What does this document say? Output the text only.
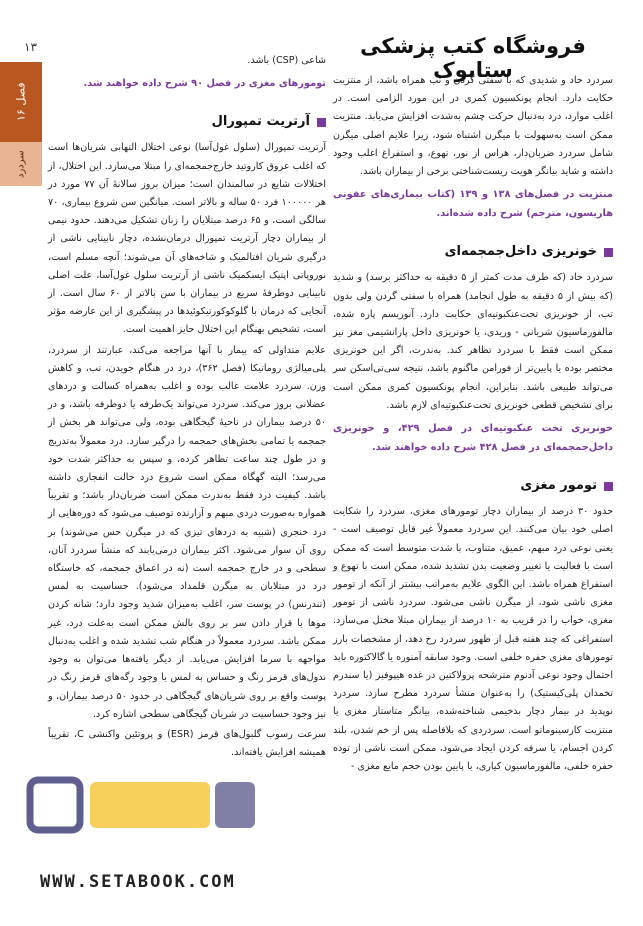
فصل ۱۶
سردرد
۱۳	فروشگاه کتب پزشکی ستابوک

سردرد حاد و شدیدی که با سفتی گردن و تب همراه باشد، از منتزیت حکایت دارد. انجام پونکسیون کمری در این مورد الزامی است. در اغلب موارد، درد به‌دنبال حرکت چشم به‌شدت افزایش می‌یابد. منتزیت ممکن است به‌سهولت با میگرن اشتباه شود، زیرا علایم اصلی میگرن شامل سردرد ضربان‌دار، هراس از نور، تهوع، و استفراغ اغلب وجود داشته و شاید بیانگر هویت ریست‌شناختی برخی از بیماران باشد.

منتزیت در فصل‌های ۱۳۸ و ۱۳۹ (کتاب بیماری‌های عفونی هاریسون، مترجم) شرح داده شده‌اند.

خونریزی داخل‌جمجمه‌ای

سردرد حاد (که طرف مدت کمتر از ۵ دقیقه به حداکثر برسد) و شدید (که بیش از ۵ دقیقه به طول انجامد) همراه با سفتی گردن ولی بدون تب، از خونریزی تحت‌عنکبوتیه‌ای حکایت دارد. آنوریسم پاره شده، مالفورماسیون شریانی - وریدی، یا خونریزی داخل پارانشیمی مغز نیز ممکن است فقط با سردرد تظاهر کند. به‌ندرت، اگر این خونریزی مختصر بوده یا پایین‌تر از فورامن ماگنوم باشد، نتیجه سی‌تی‌اسکن سر می‌تواند طبیعی باشد. بنابراین، انجام پونکسیون کمری ممکن است برای تشخیص قطعی خونریزی تحت‌عنکبوتیه‌ای لازم باشد.

خونریزی تحت عنکبوتیه‌ای در فصل ۴۲۹، و خونریزی داخل‌جمجمه‌ای در فصل ۴۲۸ شرح داده خواهند شد.

تومور مغزی

حدود ۳۰ درصد از بیماران دچار تومورهای مغزی، سردرد را شکایت اصلی خود بیان می‌کنند. این سردرد معمولاً غیر قابل توصیف است - یعنی نوعی درد مبهم، عمیق، متناوب، با شدت متوسط است که ممکن است با فعالیت یا تغییر وضعیت بدن تشدید شده، ممکن است با تهوع و استفراغ همراه باشد. این الگوی علایم به‌مراتب بیشتر از آنکه از تومور مغزی ناشی شود، از میگرن ناشی می‌شود. سردرد ناشی از تومور مغزی، خواب را در قریب به ۱۰ درصد از بیماران مبتلا مختل می‌سازد. استفراغی که چند هفته قبل از ظهور سردرد رخ دهد، از مشخصات بارز تومورهای مغزی حفره خلفی است. وجود سابقه آمنوره یا گالاکتوره باید احتمال وجود نوعی آدنوم مترشحه پرولاکتین در غده هیپوفیز (یا سندرم تخمدان پلی‌کیستیک) را به‌عنوان منشأ سردرد مطرح سازد. سردرد نوپدید در بیمار دچار بدخیمی شناخته‌شده، بیانگر متاستاز مغزی یا منتزیت کارسینوماتو است. سردردی که بلافاصله پس از خم شدن، بلند کردن اجسام، یا سرفه کردن ایجاد می‌شود، ممکن است ناشی از توده حفره خلفی، مالفورماسیون کیاری، یا پایین بودن حجم مایع مغزی -

شاعی (CSP) باشد.

تومورهای مغزی در فصل ۹۰ شرح داده خواهند شد.

آرتریت تمپورال

آرتریت تمپورال (سلول غول‌آسا) نوعی اختلال التهابی شریان‌ها است که اغلب عروق کاروتید خارج‌جمجمه‌ای را مبتلا می‌سازد. این اختلال، از اختلالات شایع در سالمندان است؛ میزان بروز سالانهٔ آن ۷۷ مورد در هر ۱۰۰۰۰۰ فرد ۵۰ ساله و بالاتر است. میانگین سن شروع بیماری، ۷۰ سالگی است، و ۶۵ درصد مبتلایان را زنان تشکیل می‌دهند. حدود نیمی از بیماران دچار آرتریت تمپورال درمان‌نشده، دچار نابینایی ناشی از درگیری شریان افتالمیک و شاخه‌های آن می‌شوند؛ آنچه مسلم است، نوروپاتی اپتیک ایسکمیک ناشی از آرتریت سلول غول‌آسا، علت اصلی نابینایی دوطرفهٔ سریع در بیماران با سن بالاتر از ۶۰ سال است. از آنجایی که درمان با گلوکوکورتیکوئیدها در پیشگیری از این عارضه مؤثر است، تشخیص بهنگام این اختلال حایز اهمیت است.

علایم متداولی که بیمار با آنها مراجعه می‌کند، عبارتند از سردرد، پلی‌میالژی روماتیکا (فصل ۳۶۲)، درد در هنگام جویدن، تب، و کاهش وزن. سردرد علامت غالب بوده و اغلب به‌همراه کسالت و دردهای عضلانی بروز می‌کند. سردرد می‌تواند یک‌طرفه یا دوطرفه باشد، و در ۵۰ درصد بیماران در ناحیهٔ گیجگاهی بوده، ولی می‌تواند هر بخش از جمجمه یا تمامی بخش‌های جمجمه را درگیر سازد. درد معمولاً به‌تدریج و در طول چند ساعت تظاهر کرده، و سپس به حداکثر شدت خود می‌رسد؛ البته گهگاه ممکن است شروع درد حالت انفجاری داشته باشد. کیفیت درد فقط به‌ندرت ممکن است ضربان‌دار باشد؛ و تقریباً همواره به‌صورت دردی مبهم و آزارنده توصیف می‌شود که دوره‌هایی از درد خنجری (شبیه به دردهای تیزی که در میگرن حس می‌شوند) بر روی آن سوار می‌شود. اکثر بیماران درمی‌یابند که منشأ سردرد آنان، سطحی و در خارج جمجمه است (نه در اعماق جمجمه، که خاستگاه درد در مبتلایان به میگرن قلمداد می‌شود). حساسیت به لمس (تندرنس) در پوست سر، اغلب به‌میزان شدید وجود دارد؛ شانه کردن موها یا قرار دادن سر بر روی بالش ممکن است به‌علت درد، غیر ممکن باشد. سردرد معمولاً در هنگام شب تشدید شده و اغلب به‌دنبال مواجهه با سرما افزایش می‌یابد. از دیگر یافته‌ها می‌توان به وجود ندول‌های قرمز رنگ و حساس به لمس یا وجود رگه‌های قرمز رنگ در پوست واقع بر روی شریان‌های گیجگاهی در حدود ۵۰ درصد بیماران، و نیز وجود حساسیت در شریان گیجگاهی سطحی اشاره کرد.

سرعت رسوب گلبول‌های قرمز (ESR) و پروتئین واکنشی C، تقریباً همیشه افزایش یافته‌اند.

WWW.SETABOOK.COM
